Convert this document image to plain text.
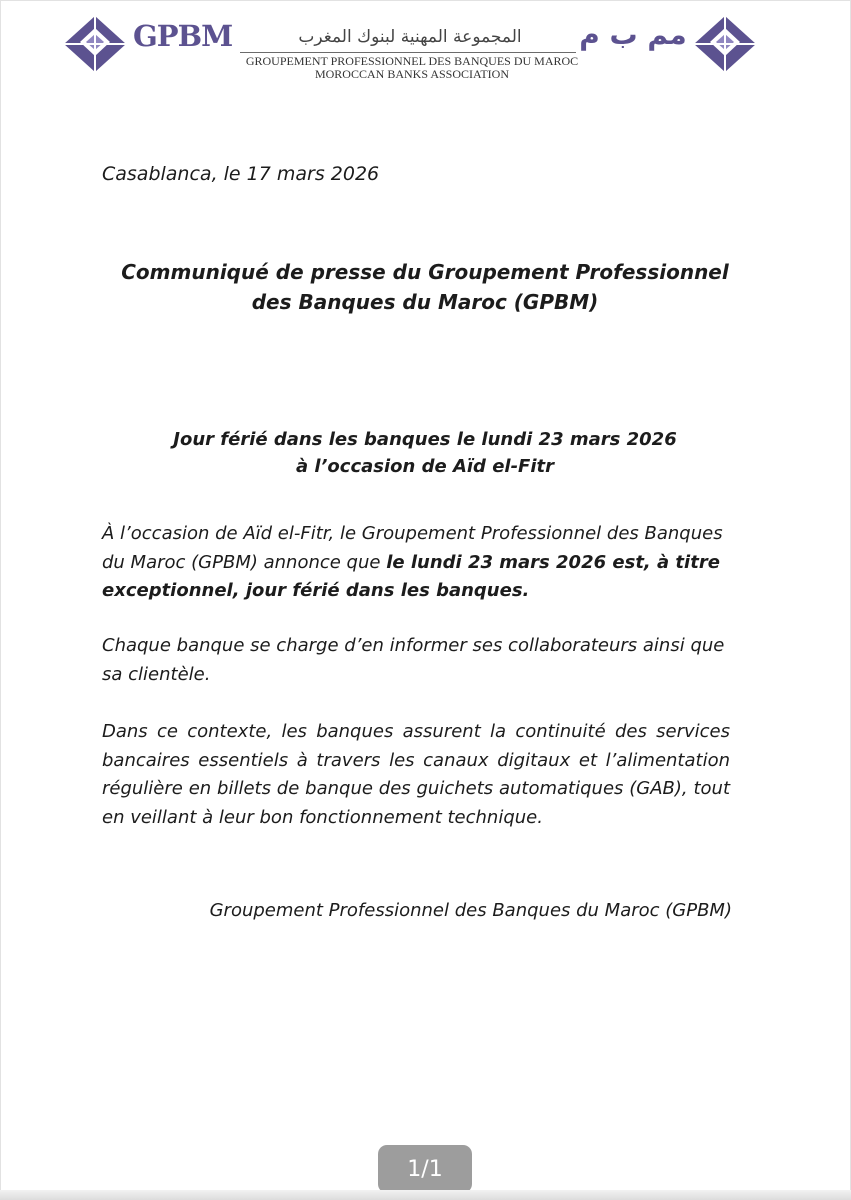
GPBM	المجموعة المهنية لبنوك المغرب	مم ب م
GROUPEMENT PROFESSIONNEL DES BANQUES DU MAROC
MOROCCAN BANKS ASSOCIATION
Casablanca, le 17 mars 2026
Communiqué de presse du Groupement Professionnel
des Banques du Maroc (GPBM)
Jour férié dans les banques le lundi 23 mars 2026
à l’occasion de Aïd el-Fitr
À l’occasion de Aïd el-Fitr, le Groupement Professionnel des Banques du Maroc (GPBM) annonce que le lundi 23 mars 2026 est, à titre exceptionnel, jour férié dans les banques.
Chaque banque se charge d’en informer ses collaborateurs ainsi que sa clientèle.
Dans ce contexte, les banques assurent la continuité des services bancaires essentiels à travers les canaux digitaux et l’alimentation régulière en billets de banque des guichets automatiques (GAB), tout en veillant à leur bon fonctionnement technique.
Groupement Professionnel des Banques du Maroc (GPBM)
1/1
